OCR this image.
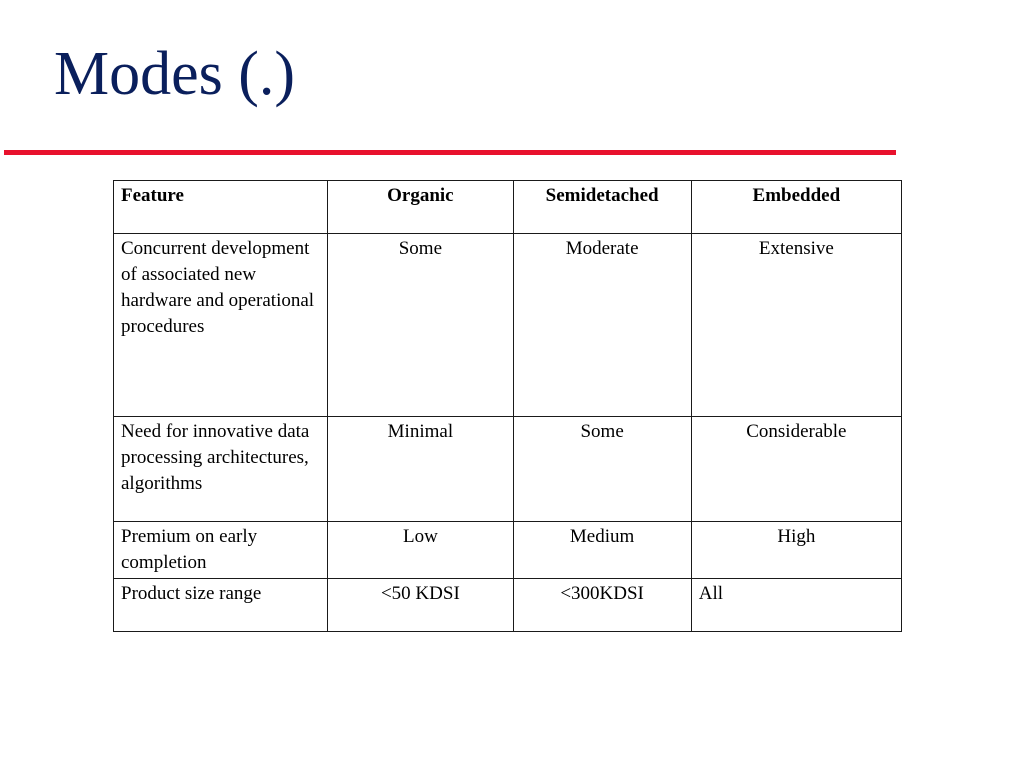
Modes (.)
Feature	Organic	Semidetached	Embedded
Concurrent development of associated new hardware and operational procedures	Some	Moderate	Extensive
Need for innovative data processing architectures, algorithms	Minimal	Some	Considerable
Premium on early completion	Low	Medium	High
Product size range	<50 KDSI	<300KDSI	All
